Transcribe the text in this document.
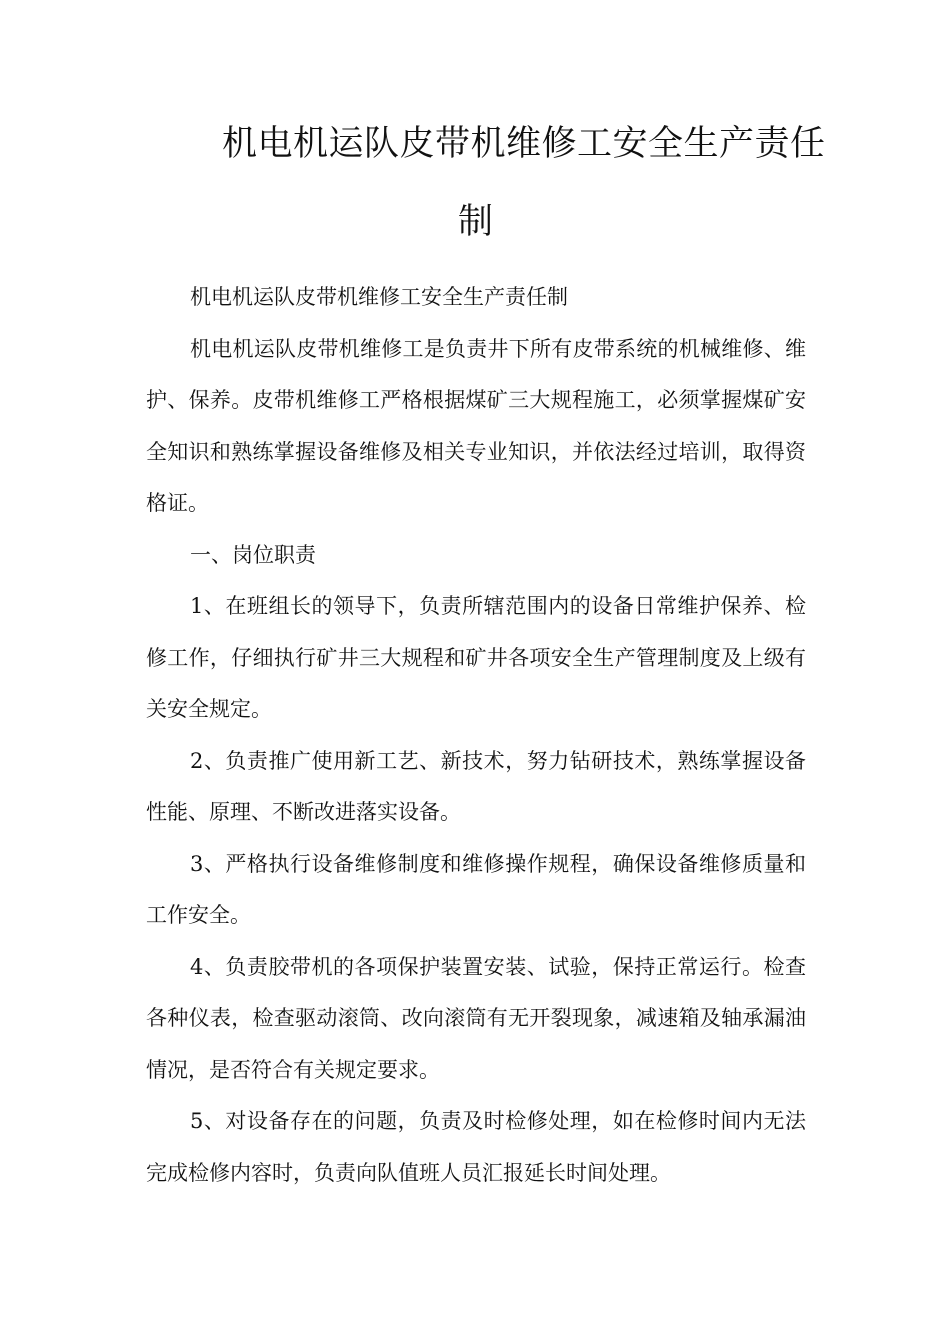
机电机运队皮带机维修工安全生产责任
制

机电机运队皮带机维修工安全生产责任制

机电机运队皮带机维修工是负责井下所有皮带系统的机械维修、维护、保养。皮带机维修工严格根据煤矿三大规程施工，必须掌握煤矿安全知识和熟练掌握设备维修及相关专业知识，并依法经过培训，取得资格证。

一、岗位职责

1、在班组长的领导下，负责所辖范围内的设备日常维护保养、检修工作，仔细执行矿井三大规程和矿井各项安全生产管理制度及上级有关安全规定。

2、负责推广使用新工艺、新技术，努力钻研技术，熟练掌握设备性能、原理、不断改进落实设备。

3、严格执行设备维修制度和维修操作规程，确保设备维修质量和工作安全。

4、负责胶带机的各项保护装置安装、试验，保持正常运行。检查各种仪表，检查驱动滚筒、改向滚筒有无开裂现象，减速箱及轴承漏油情况，是否符合有关规定要求。

5、对设备存在的问题，负责及时检修处理，如在检修时间内无法完成检修内容时，负责向队值班人员汇报延长时间处理。
